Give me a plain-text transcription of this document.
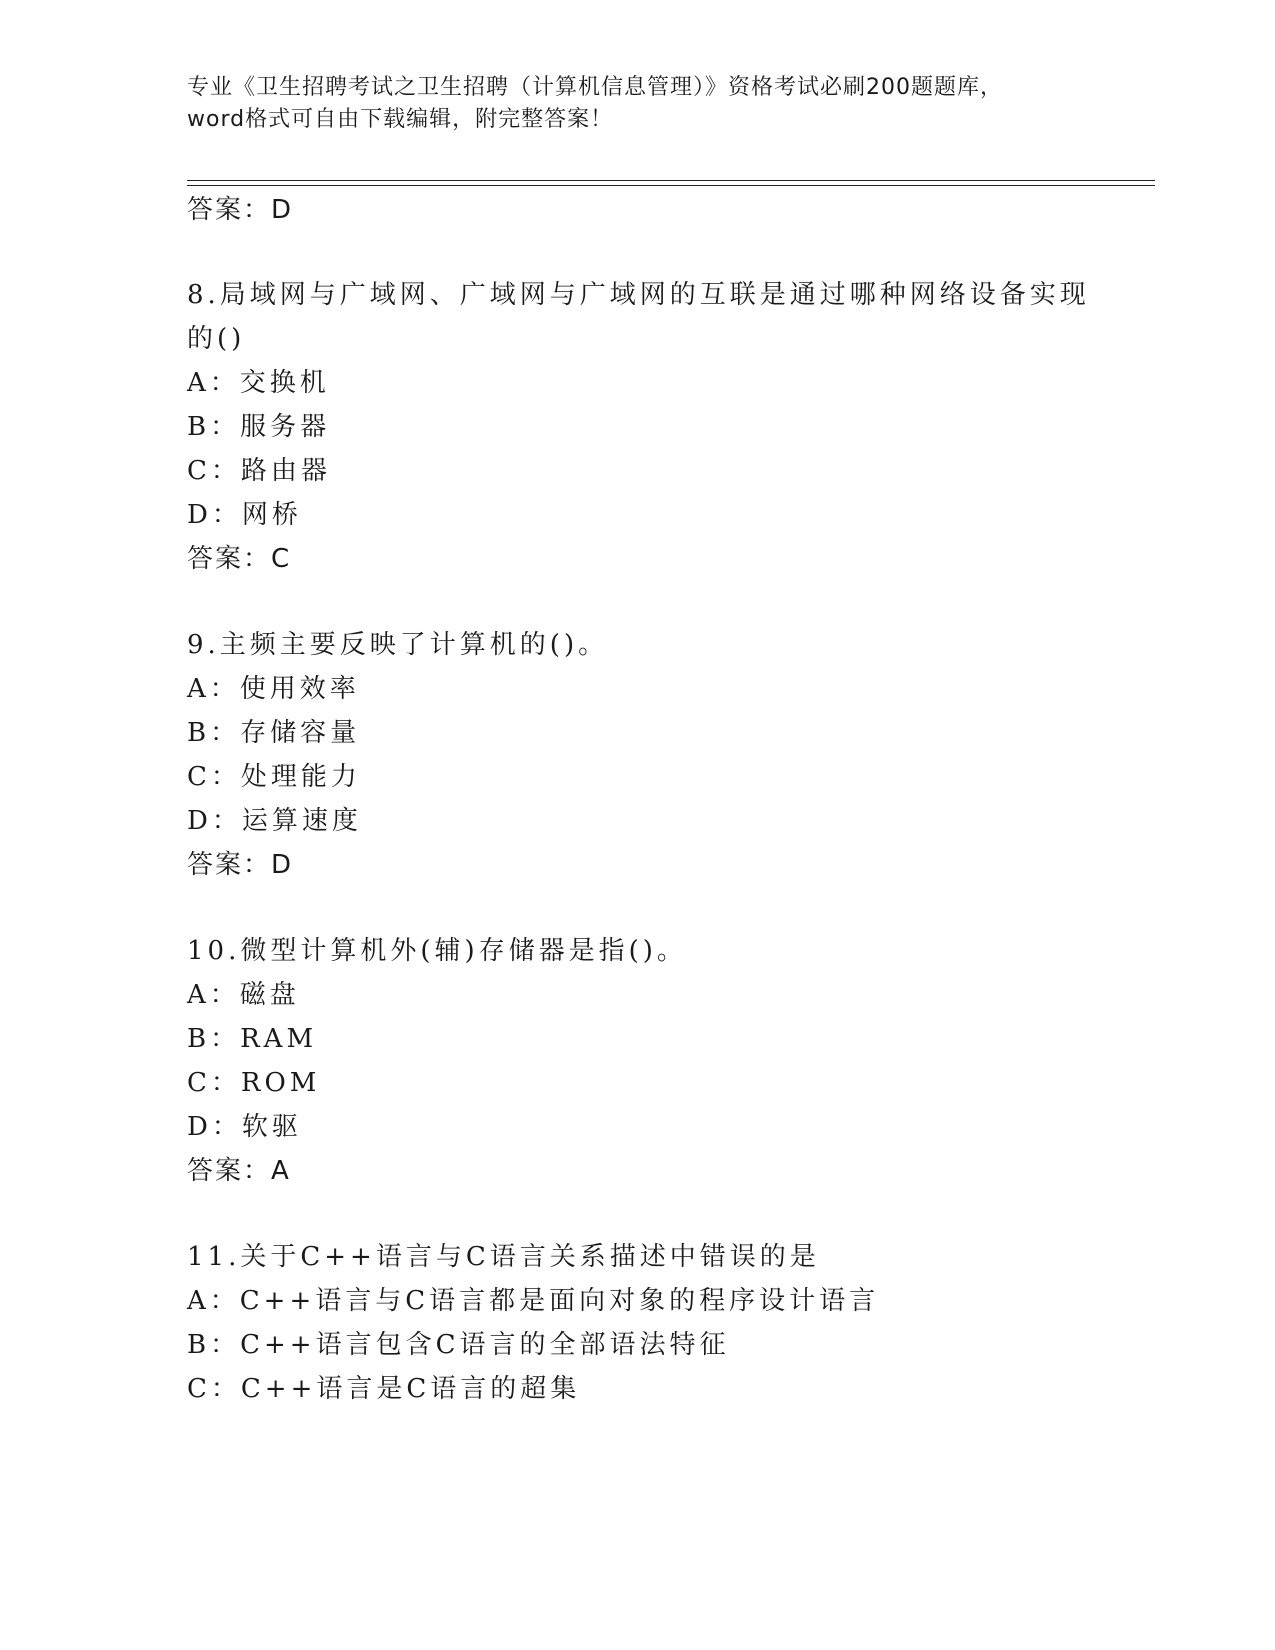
专业《卫生招聘考试之卫生招聘（计算机信息管理）》资格考试必刷200题题库，
word格式可自由下载编辑，附完整答案！
答案：D
8.局域网与广域网、广域网与广域网的互联是通过哪种网络设备实现
的()
A：交换机
B：服务器
C：路由器
D：网桥
答案：C
9.主频主要反映了计算机的()。
A：使用效率
B：存储容量
C：处理能力
D：运算速度
答案：D
10.微型计算机外(辅)存储器是指()。
A：磁盘
B：RAM
C：ROM
D：软驱
答案：A
11.关于C++语言与C语言关系描述中错误的是
A：C++语言与C语言都是面向对象的程序设计语言
B：C++语言包含C语言的全部语法特征
C：C++语言是C语言的超集
